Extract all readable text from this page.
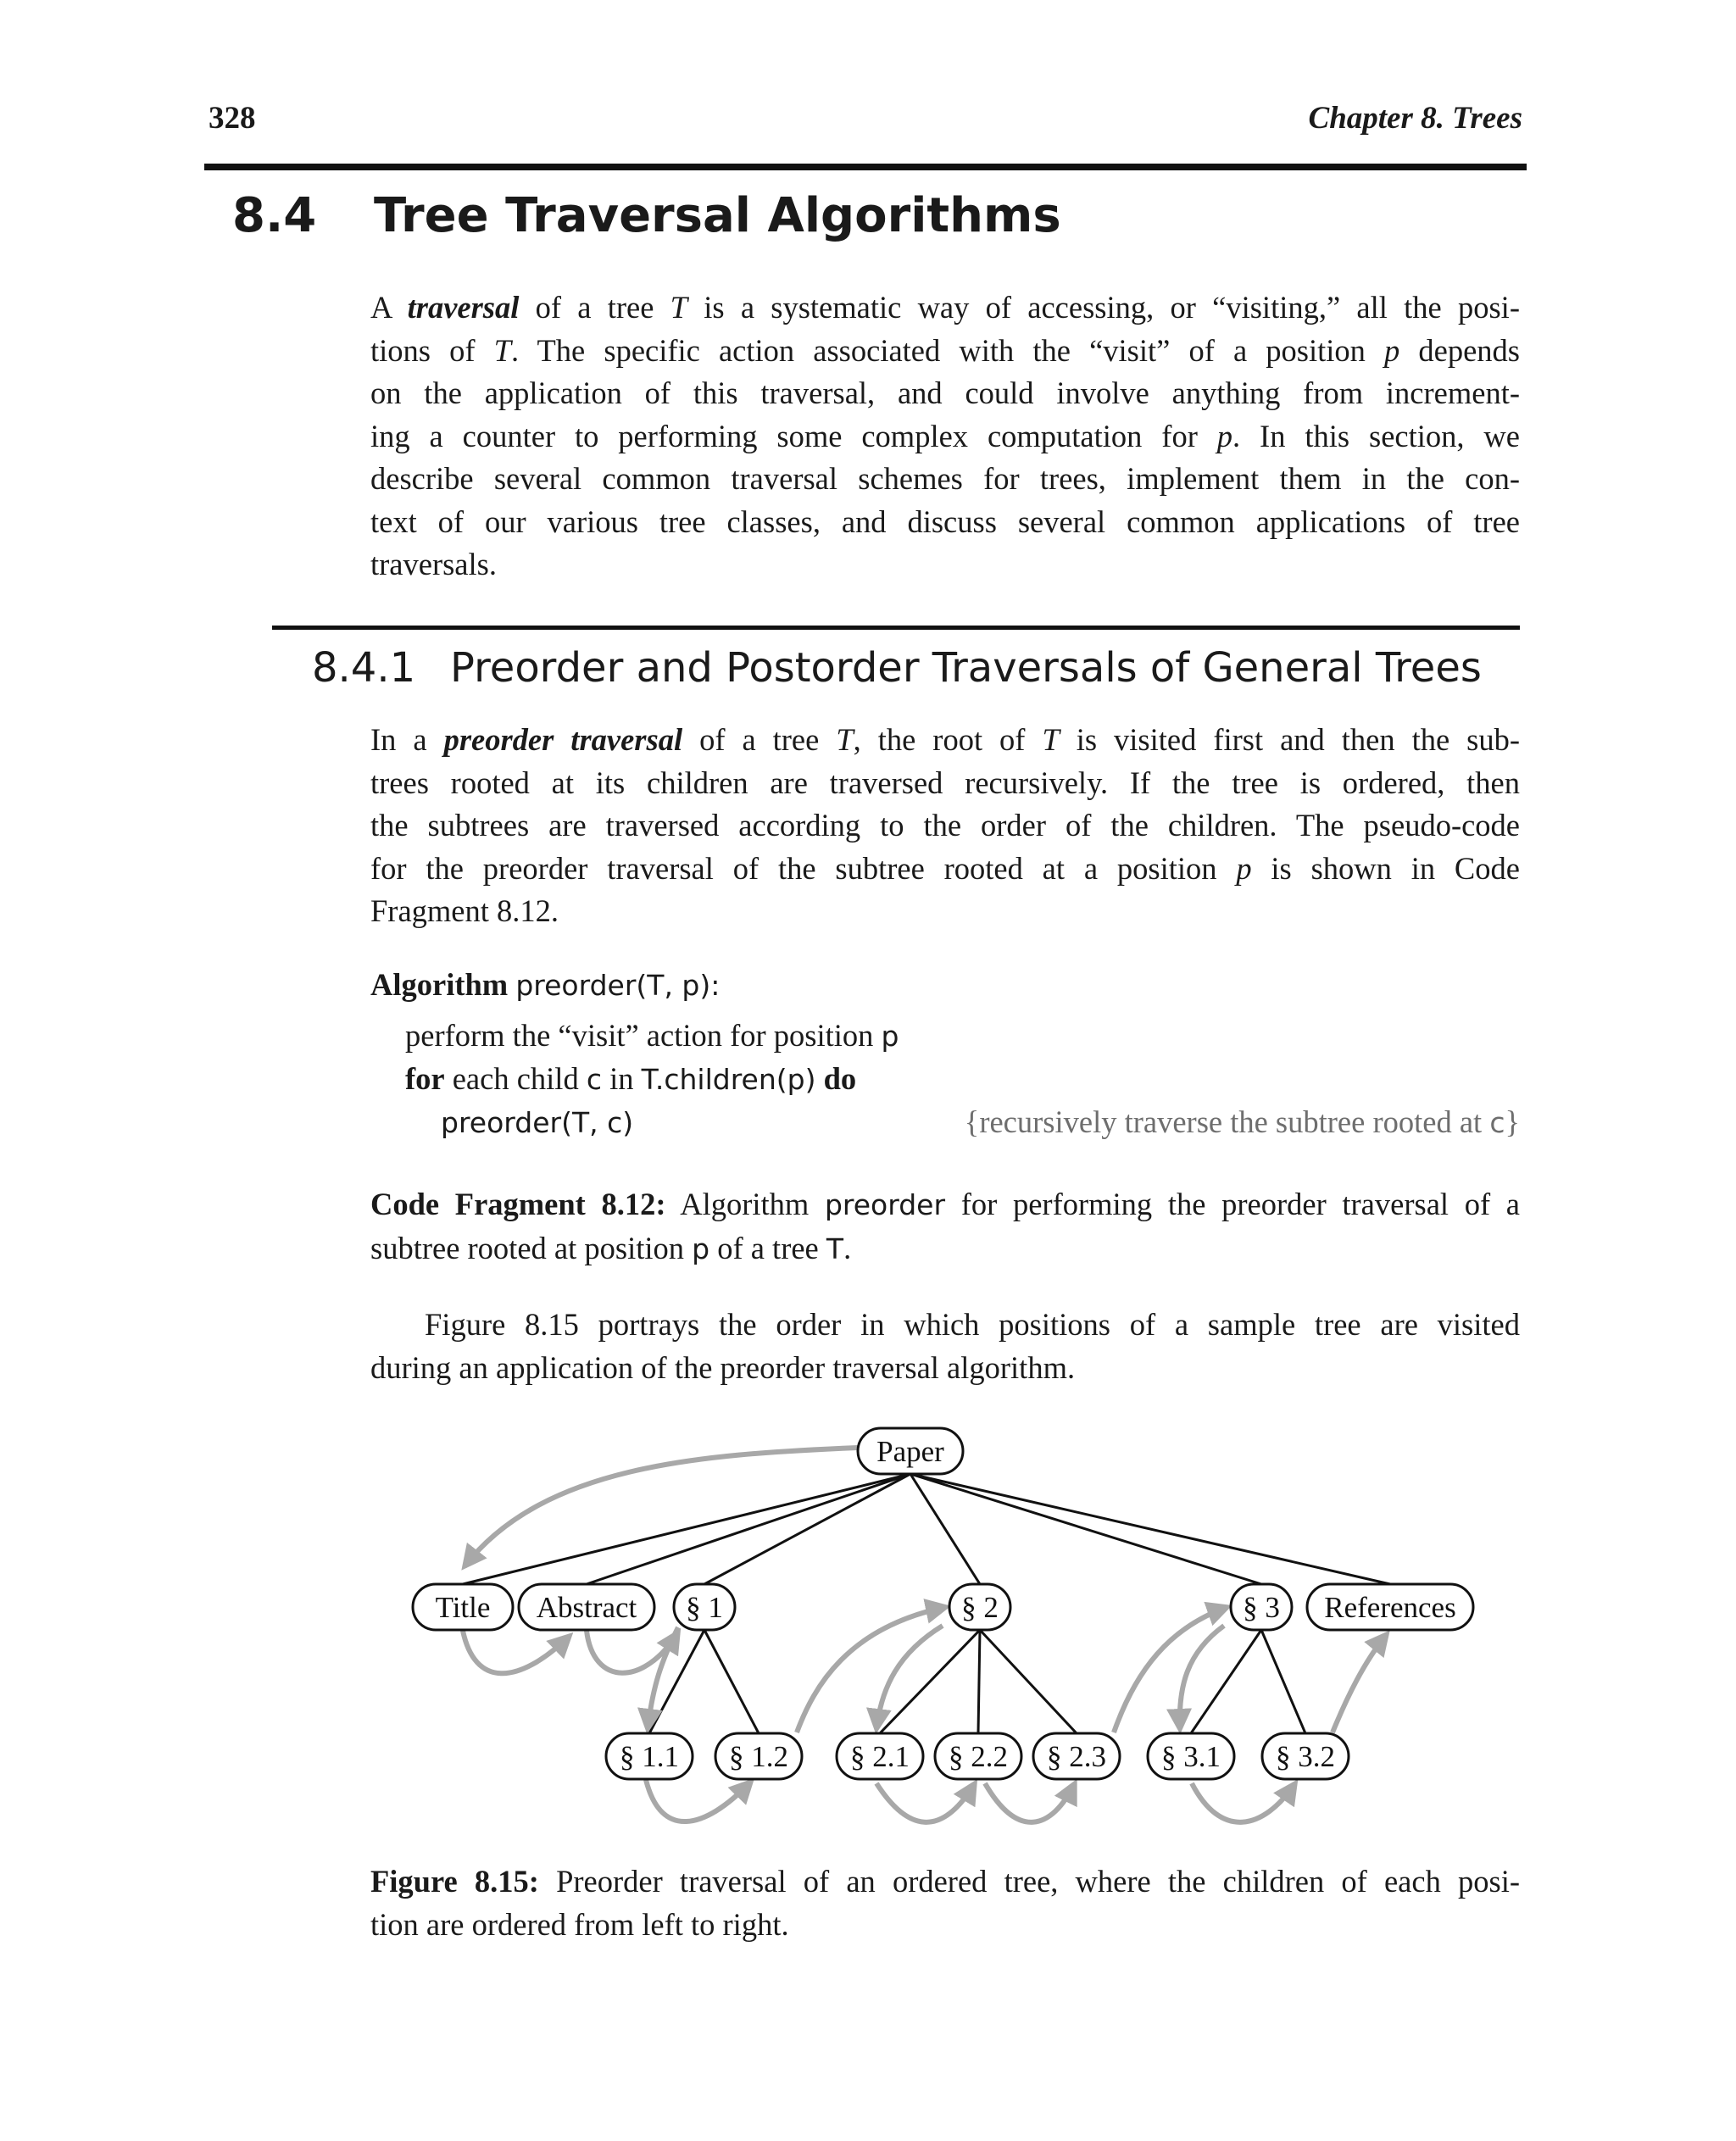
328	Chapter 8. Trees
8.4 Tree Traversal Algorithms
A traversal of a tree T is a systematic way of accessing, or “visiting,” all the posi-
tions of T. The specific action associated with the “visit” of a position p depends
on the application of this traversal, and could involve anything from increment-
ing a counter to performing some complex computation for p. In this section, we
describe several common traversal schemes for trees, implement them in the con-
text of our various tree classes, and discuss several common applications of tree
traversals.
8.4.1 Preorder and Postorder Traversals of General Trees
In a preorder traversal of a tree T, the root of T is visited first and then the sub-
trees rooted at its children are traversed recursively. If the tree is ordered, then
the subtrees are traversed according to the order of the children. The pseudo-code
for the preorder traversal of the subtree rooted at a position p is shown in Code
Fragment 8.12.
Algorithm preorder(T, p):
perform the “visit” action for position p
for each child c in T.children(p) do
preorder(T, c)	{recursively traverse the subtree rooted at c}
Code Fragment 8.12: Algorithm preorder for performing the preorder traversal of a
subtree rooted at position p of a tree T.
Figure 8.15 portrays the order in which positions of a sample tree are visited
during an application of the preorder traversal algorithm.
Paper
Title Abstract § 1	§ 2	§ 3 References
§ 1.1 § 1.2 § 2.1 § 2.2 § 2.3 § 3.1 § 3.2
Figure 8.15: Preorder traversal of an ordered tree, where the children of each posi-
tion are ordered from left to right.
